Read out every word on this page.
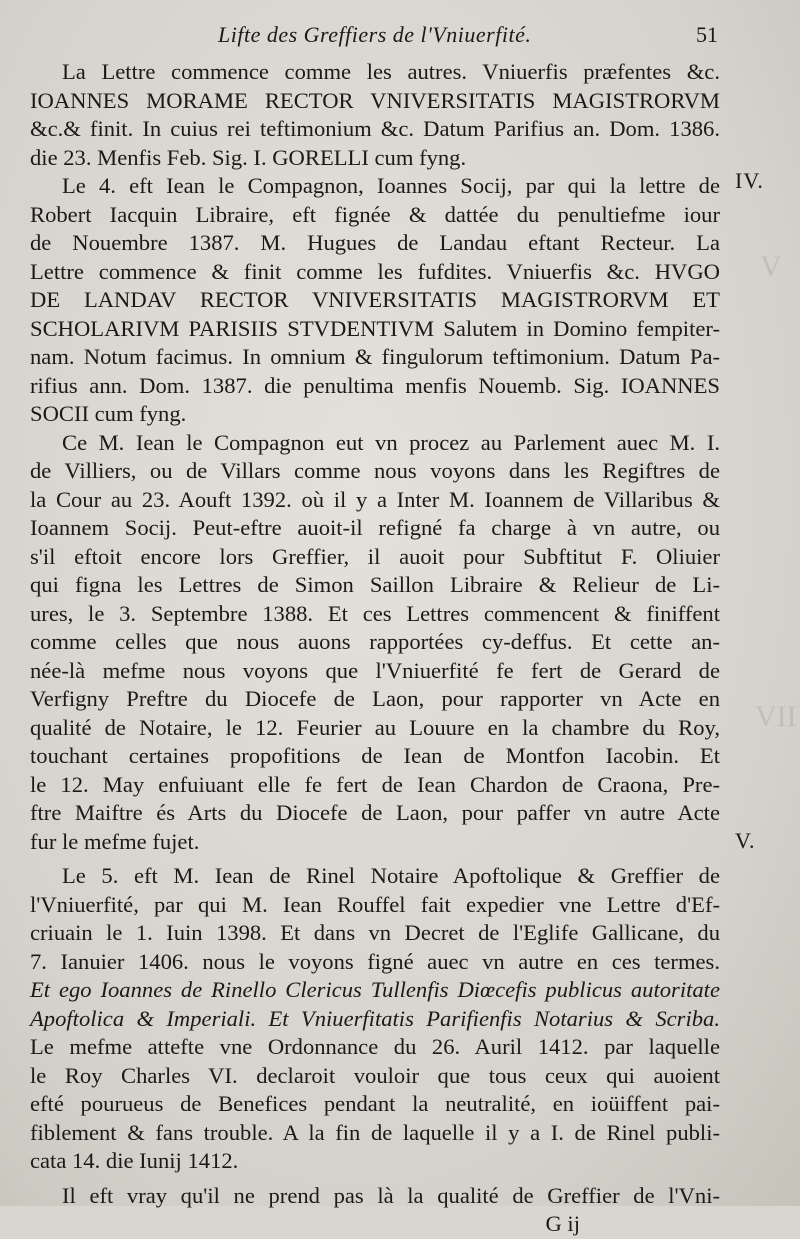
V
VII
Lifte des Greffiers de l'Vniuerfité.	51
IV.
V.
La Lettre commence comme les autres. Vniuerfis præfentes &c.
IOANNES MORAME RECTOR VNIVERSITATIS MAGISTRORVM
&c.& finit. In cuius rei teftimonium &c. Datum Parifius an. Dom. 1386.
die 23. Menfis Feb. Sig. I. GORELLI cum fyng.
Le 4. eft Iean le Compagnon, Ioannes Socij, par qui la lettre de
Robert Iacquin Libraire, eft fignée & dattée du penultiefme iour
de Nouembre 1387. M. Hugues de Landau eftant Recteur. La
Lettre commence & finit comme les fufdites. Vniuerfis &c. HVGO
DE LANDAV RECTOR VNIVERSITATIS MAGISTRORVM ET
SCHOLARIVM PARISIIS STVDENTIVM Salutem in Domino fempiter-
nam. Notum facimus. In omnium & fingulorum teftimonium. Datum Pa-
rifius ann. Dom. 1387. die penultima menfis Nouemb. Sig. IOANNES
SOCII cum fyng.
Ce M. Iean le Compagnon eut vn procez au Parlement auec M. I.
de Villiers, ou de Villars comme nous voyons dans les Regiftres de
la Cour au 23. Aouft 1392. où il y a Inter M. Ioannem de Villaribus &
Ioannem Socij. Peut-eftre auoit-il refigné fa charge à vn autre, ou
s'il eftoit encore lors Greffier, il auoit pour Subftitut F. Oliuier
qui figna les Lettres de Simon Saillon Libraire & Relieur de Li-
ures, le 3. Septembre 1388. Et ces Lettres commencent & finiffent
comme celles que nous auons rapportées cy-deffus. Et cette an-
née-là mefme nous voyons que l'Vniuerfité fe fert de Gerard de
Verfigny Preftre du Diocefe de Laon, pour rapporter vn Acte en
qualité de Notaire, le 12. Feurier au Louure en la chambre du Roy,
touchant certaines propofitions de Iean de Montfon Iacobin. Et
le 12. May enfuiuant elle fe fert de Iean Chardon de Craona, Pre-
ftre Maiftre és Arts du Diocefe de Laon, pour paffer vn autre Acte
fur le mefme fujet.
Le 5. eft M. Iean de Rinel Notaire Apoftolique & Greffier de
l'Vniuerfité, par qui M. Iean Rouffel fait expedier vne Lettre d'Ef-
criuain le 1. Iuin 1398. Et dans vn Decret de l'Eglife Gallicane, du
7. Ianuier 1406. nous le voyons figné auec vn autre en ces termes.
Et ego Ioannes de Rinello Clericus Tullenfis Diœcefis publicus autoritate
Apoftolica & Imperiali. Et Vniuerfitatis Parifienfis Notarius & Scriba.
Le mefme attefte vne Ordonnance du 26. Auril 1412. par laquelle
le Roy Charles VI. declaroit vouloir que tous ceux qui auoient
efté pourueus de Benefices pendant la neutralité, en ioüiffent pai-
fiblement & fans trouble. A la fin de laquelle il y a I. de Rinel publi-
cata 14. die Iunij 1412.
Il eft vray qu'il ne prend pas là la qualité de Greffier de l'Vni-
G ij
